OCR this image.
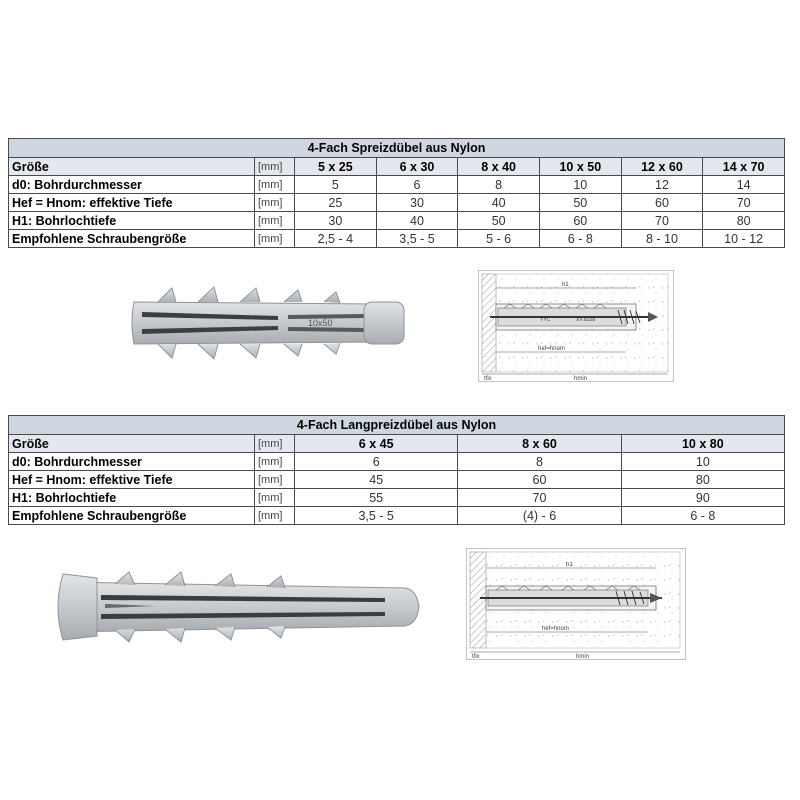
4-Fach Spreizdübel aus Nylon							
Größe	[mm]	5 x 25	6 x 30	8 x 40	10 x 50	12 x 60	14 x 70
d0: Bohrdurchmesser	[mm]	5	6	8	10	12	14
Hef = Hnom: effektive Tiefe	[mm]	25	30	40	50	60	70
H1: Bohrlochtiefe	[mm]	30	40	50	60	70	80
Empfohlene Schraubengröße	[mm]	2,5 - 4	3,5 - 5	5 - 6	6 - 8	8 - 10	10 - 12
10x50	YYC	XX 8228
h1
hef=hnom
hmin
tfix
4-Fach Langpreizdübel aus Nylon				
Größe	[mm]	6 x 45	8 x 60	10 x 80
d0: Bohrdurchmesser	[mm]	6	8	10
Hef = Hnom: effektive Tiefe	[mm]	45	60	80
H1: Bohrlochtiefe	[mm]	55	70	90
Empfohlene Schraubengröße	[mm]	3,5 - 5	(4) - 6	6 - 8
h1
hef=hnom
hmin
tfix
